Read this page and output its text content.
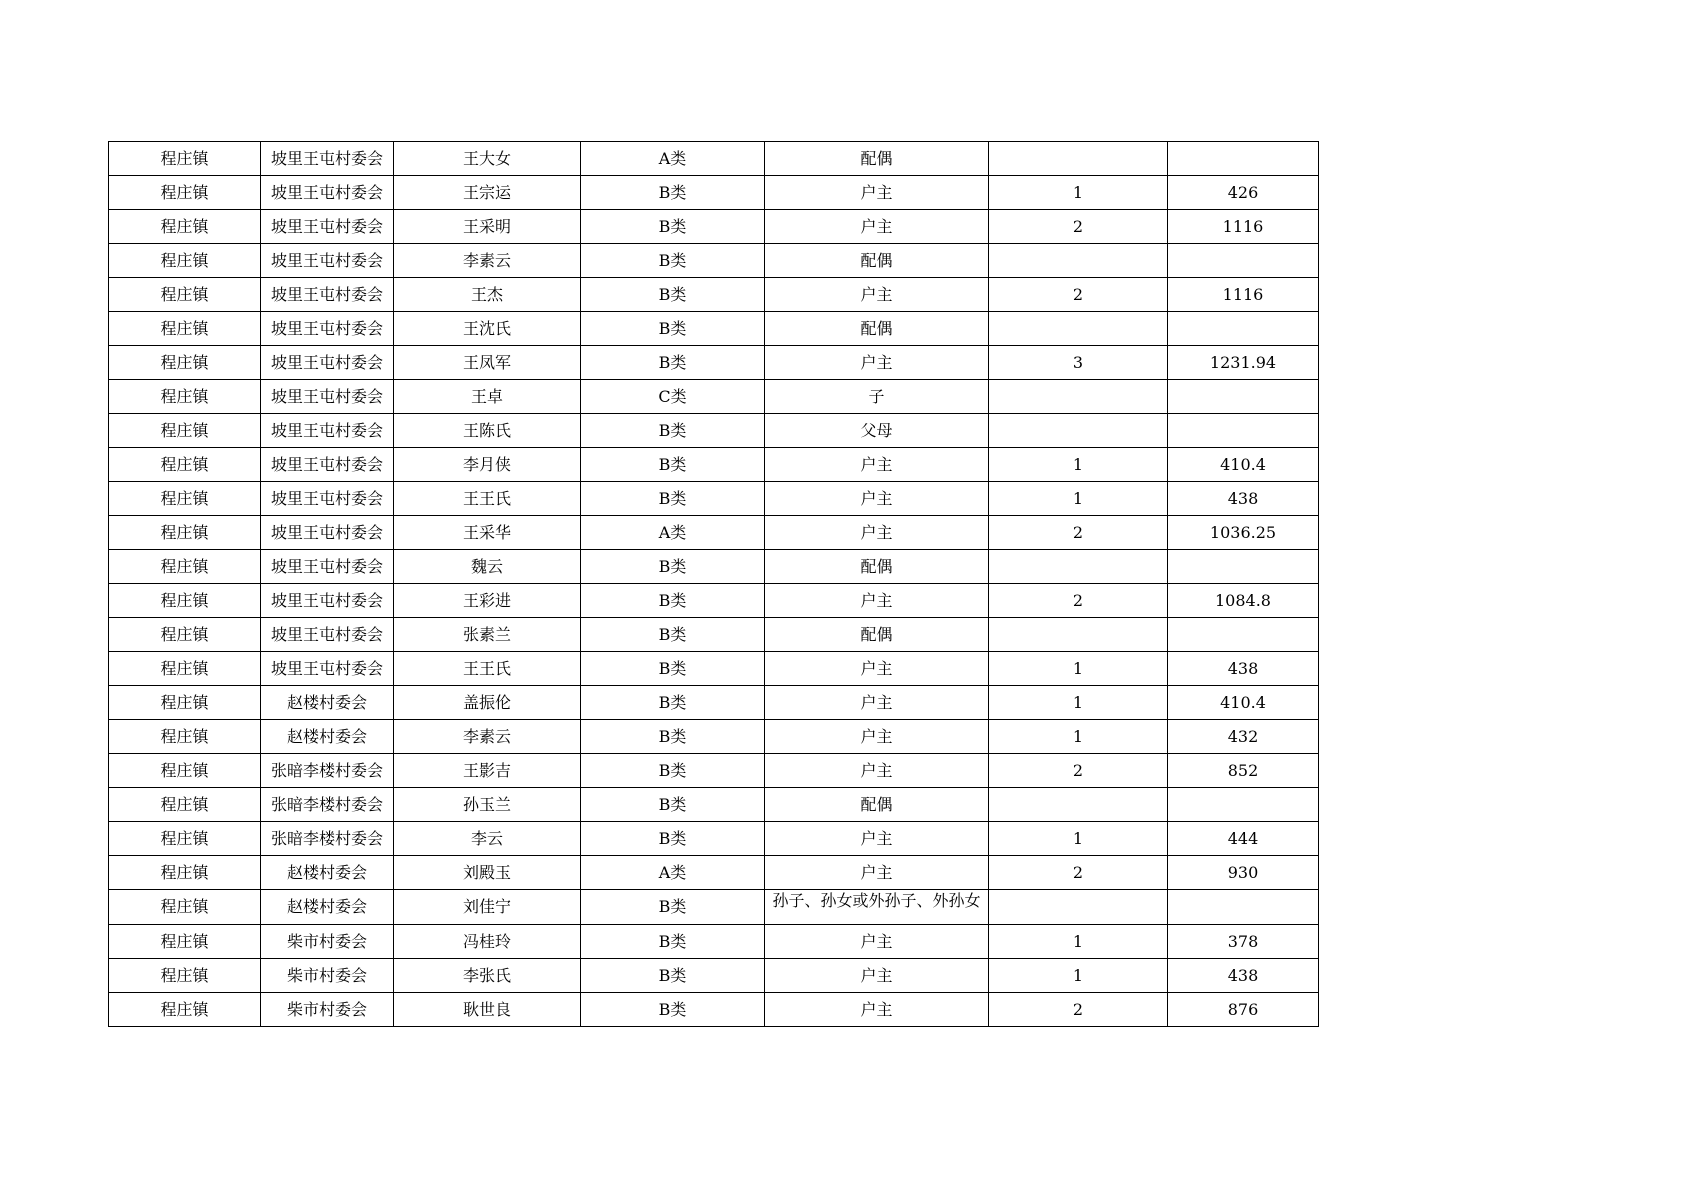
程庄镇	坡里王屯村委会	王大女	A类	配偶		
程庄镇	坡里王屯村委会	王宗运	B类	户主	1	426
程庄镇	坡里王屯村委会	王采明	B类	户主	2	1116
程庄镇	坡里王屯村委会	李素云	B类	配偶		
程庄镇	坡里王屯村委会	王杰	B类	户主	2	1116
程庄镇	坡里王屯村委会	王沈氏	B类	配偶		
程庄镇	坡里王屯村委会	王凤军	B类	户主	3	1231.94
程庄镇	坡里王屯村委会	王卓	C类	子		
程庄镇	坡里王屯村委会	王陈氏	B类	父母		
程庄镇	坡里王屯村委会	李月侠	B类	户主	1	410.4
程庄镇	坡里王屯村委会	王王氏	B类	户主	1	438
程庄镇	坡里王屯村委会	王采华	A类	户主	2	1036.25
程庄镇	坡里王屯村委会	魏云	B类	配偶		
程庄镇	坡里王屯村委会	王彩进	B类	户主	2	1084.8
程庄镇	坡里王屯村委会	张素兰	B类	配偶		
程庄镇	坡里王屯村委会	王王氏	B类	户主	1	438
程庄镇	赵楼村委会	盖振伦	B类	户主	1	410.4
程庄镇	赵楼村委会	李素云	B类	户主	1	432
程庄镇	张暗李楼村委会	王影吉	B类	户主	2	852
程庄镇	张暗李楼村委会	孙玉兰	B类	配偶		
程庄镇	张暗李楼村委会	李云	B类	户主	1	444
程庄镇	赵楼村委会	刘殿玉	A类	户主	2	930
程庄镇	赵楼村委会	刘佳宁	B类	孙子、孙女或外孙子、外孙女		
程庄镇	柴市村委会	冯桂玲	B类	户主	1	378
程庄镇	柴市村委会	李张氏	B类	户主	1	438
程庄镇	柴市村委会	耿世良	B类	户主	2	876
